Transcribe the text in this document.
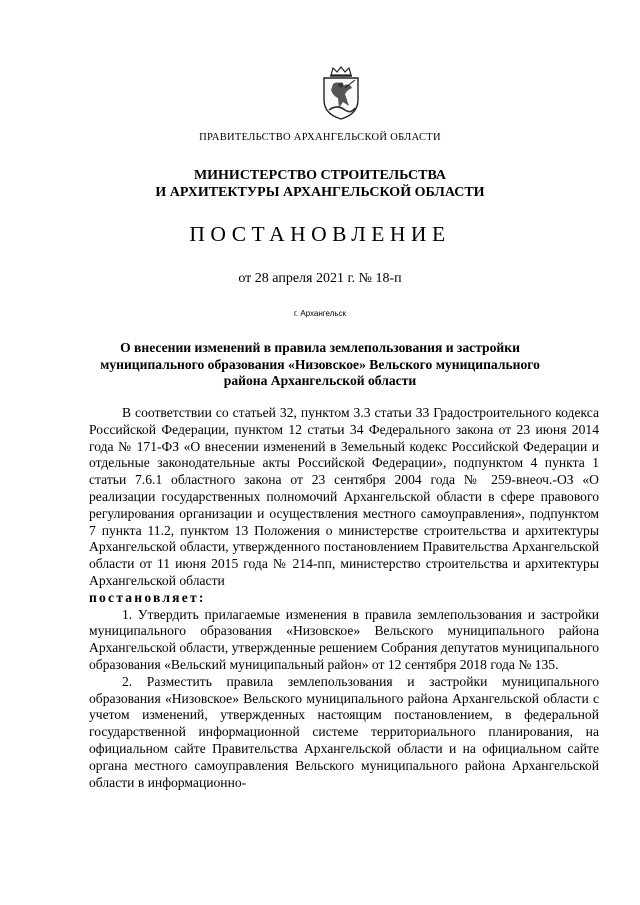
ПРАВИТЕЛЬСТВО АРХАНГЕЛЬСКОЙ ОБЛАСТИ
МИНИСТЕРСТВО СТРОИТЕЛЬСТВА
И АРХИТЕКТУРЫ АРХАНГЕЛЬСКОЙ ОБЛАСТИ
ПОСТАНОВЛЕНИЕ
от 28 апреля 2021 г. № 18-п
г. Архангельск
О внесении изменений в правила землепользования и застройки муниципального образования «Низовское» Вельского муниципального района Архангельской области

В соответствии со статьей 32, пунктом 3.3 статьи 33 Градостроительного кодекса Российской Федерации, пунктом 12 статьи 34 Федерального закона от 23 июня 2014 года № 171-ФЗ «О внесении изменений в Земельный кодекс Российской Федерации и отдельные законодательные акты Российской Федерации», подпунктом 4 пункта 1 статьи 7.6.1 областного закона от 23 сентября 2004 года № 259-внеоч.-ОЗ «О реализации государственных полномочий Архангельской области в сфере правового регулирования организации и осуществления местного самоуправления», подпунктом 7 пункта 11.2, пунктом 13 Положения о министерстве строительства и архитектуры Архангельской области, утвержденного постановлением Правительства Архангельской области от 11 июня 2015 года № 214-пп, министерство строительства и архитектуры Архангельской области

постановляет:

1. Утвердить прилагаемые изменения в правила землепользования и застройки муниципального образования «Низовское» Вельского муниципального района Архангельской области, утвержденные решением Собрания депутатов муниципального образования «Вельский муниципальный район» от 12 сентября 2018 года № 135.

2. Разместить правила землепользования и застройки муниципального образования «Низовское» Вельского муниципального района Архангельской области с учетом изменений, утвержденных настоящим постановлением, в федеральной государственной информационной системе территориального планирования, на официальном сайте Правительства Архангельской области и на официальном сайте органа местного самоуправления Вельского муниципального района Архангельской области в информационно-
